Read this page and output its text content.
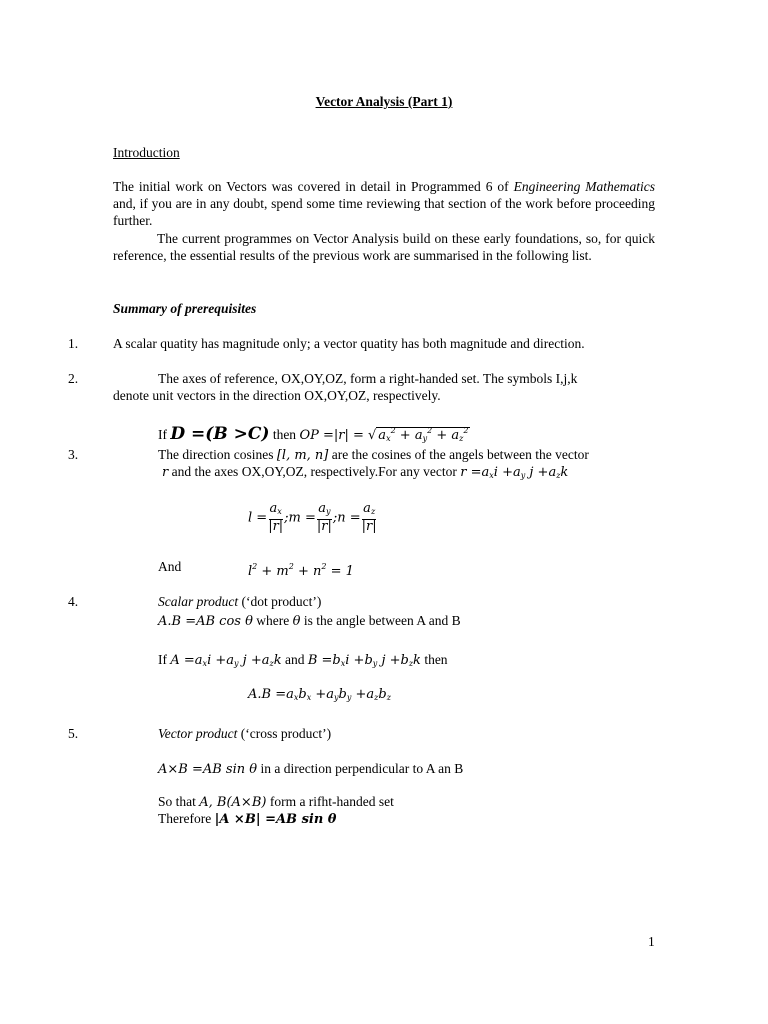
Vector Analysis (Part 1)
Introduction
The initial work on Vectors was covered in detail in Programmed 6 of Engineering Mathematics and, if you are in any doubt, spend some time reviewing that section of the work before proceeding further.
The current programmes on Vector Analysis build on these early foundations, so, for quick reference, the essential results of the previous work are summarised in the following list.
Summary of prerequisites
1.	A scalar quatity has magnitude only; a vector quatity has both magnitude and direction.
2.	The axes of reference, OX,OY,OZ, form a right-handed set. The symbols I,j,k
denote unit vectors in the direction OX,OY,OZ, respectively.
If D =(B >C) then OP =|r| = √ $a_x^2 + a_y^2 + a_z^2$
3.	The direction cosines [l, m, n] are the cosines of the angels between the vector
r and the axes OX,OY,OZ, respectively.For any vector $r =a_xi +a_y$ $j +a_zk$
$l = \frac{a_x}{|r|}$ ;m = $\frac{a_y}{|r|}$ ;n = $\frac{a_z}{|r|}$
And	$l^2 + m^2 + n^2 = 1$
4.	Scalar product (‘dot product’)
A.B =AB cos θ where θ is the angle between A and B
If $A =a_xi +a_y$ $j +a_zk$ and $B =b_xi +b_y$ $j +b_zk$ then
$A.B =a_xb_x +a_yb_y +a_zb_z$
5.	Vector product (‘cross product’)
A×B =AB sin θ in a direction perpendicular to A an B
So that A, B(A×B) form a rifht-handed set
Therefore |A ×B| =AB sin θ
1
